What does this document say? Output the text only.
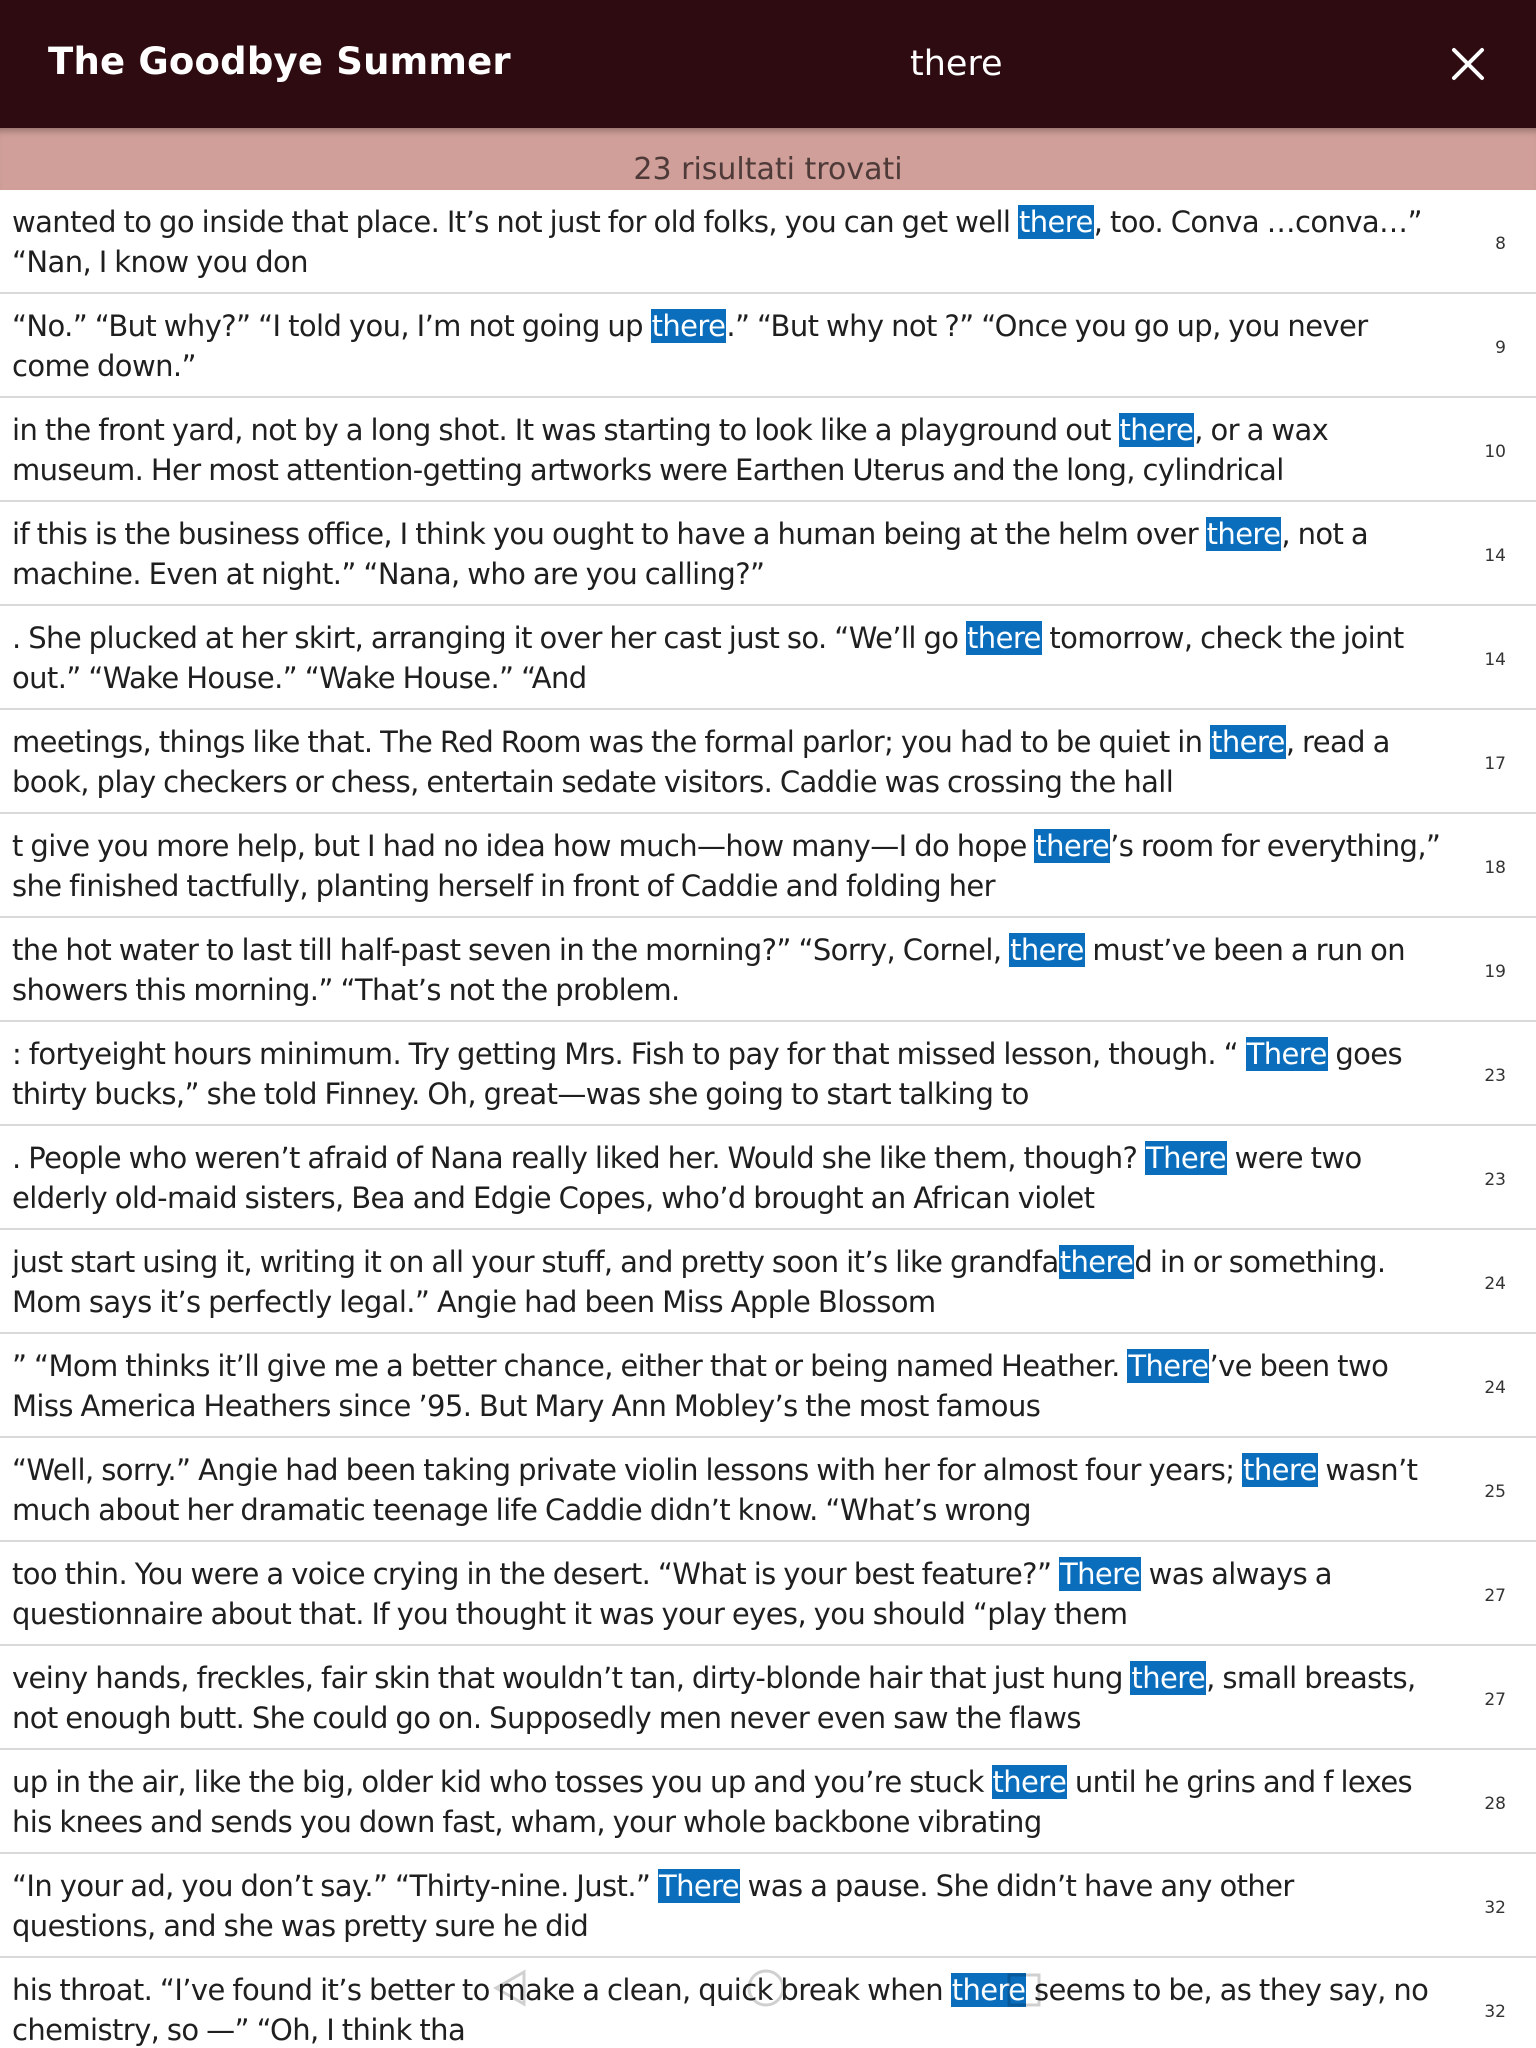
The Goodbye Summer	there
23 risultati trovati
wanted to go inside that place. It’s not just for old folks, you can get well there, too. Conva …conva…” “Nan, I know you don
8
“No.” “But why?” “I told you, I’m not going up there.” “But why not ?” “Once you go up, you never come down.”
9
in the front yard, not by a long shot. It was starting to look like a playground out there, or a wax museum. Her most attention-getting artworks were Earthen Uterus and the long, cylindrical
10
if this is the business office, I think you ought to have a human being at the helm over there, not a machine. Even at night.” “Nana, who are you calling?”
14
. She plucked at her skirt, arranging it over her cast just so. “We’ll go there tomorrow, check the joint out.” “Wake House.” “Wake House.” “And
14
meetings, things like that. The Red Room was the formal parlor; you had to be quiet in there, read a book, play checkers or chess, entertain sedate visitors. Caddie was crossing the hall
17
t give you more help, but I had no idea how much—how many—I do hope there’s room for everything,” she finished tactfully, planting herself in front of Caddie and folding her
18
the hot water to last till half-past seven in the morning?” “Sorry, Cornel, there must’ve been a run on showers this morning.” “That’s not the problem.
19
: fortyeight hours minimum. Try getting Mrs. Fish to pay for that missed lesson, though. “ There goes thirty bucks,” she told Finney. Oh, great—was she going to start talking to
23
. People who weren’t afraid of Nana really liked her. Would she like them, though? There were two elderly old-maid sisters, Bea and Edgie Copes, who’d brought an African violet
23
just start using it, writing it on all your stuff, and pretty soon it’s like grandfathered in or something. Mom says it’s perfectly legal.” Angie had been Miss Apple Blossom
24
” “Mom thinks it’ll give me a better chance, either that or being named Heather. There’ve been two Miss America Heathers since ’95. But Mary Ann Mobley’s the most famous
24
“Well, sorry.” Angie had been taking private violin lessons with her for almost four years; there wasn’t much about her dramatic teenage life Caddie didn’t know. “What’s wrong
25
too thin. You were a voice crying in the desert. “What is your best feature?” There was always a questionnaire about that. If you thought it was your eyes, you should “play them
27
veiny hands, freckles, fair skin that wouldn’t tan, dirty-blonde hair that just hung there, small breasts, not enough butt. She could go on. Supposedly men never even saw the flaws
27
up in the air, like the big, older kid who tosses you up and you’re stuck there until he grins and f lexes his knees and sends you down fast, wham, your whole backbone vibrating
28
“In your ad, you don’t say.” “Thirty-nine. Just.” There was a pause. She didn’t have any other questions, and she was pretty sure he did
32
his throat. “I’ve found it’s better to make a clean, quick break when there seems to be, as they say, no chemistry, so —” “Oh, I think tha
32
